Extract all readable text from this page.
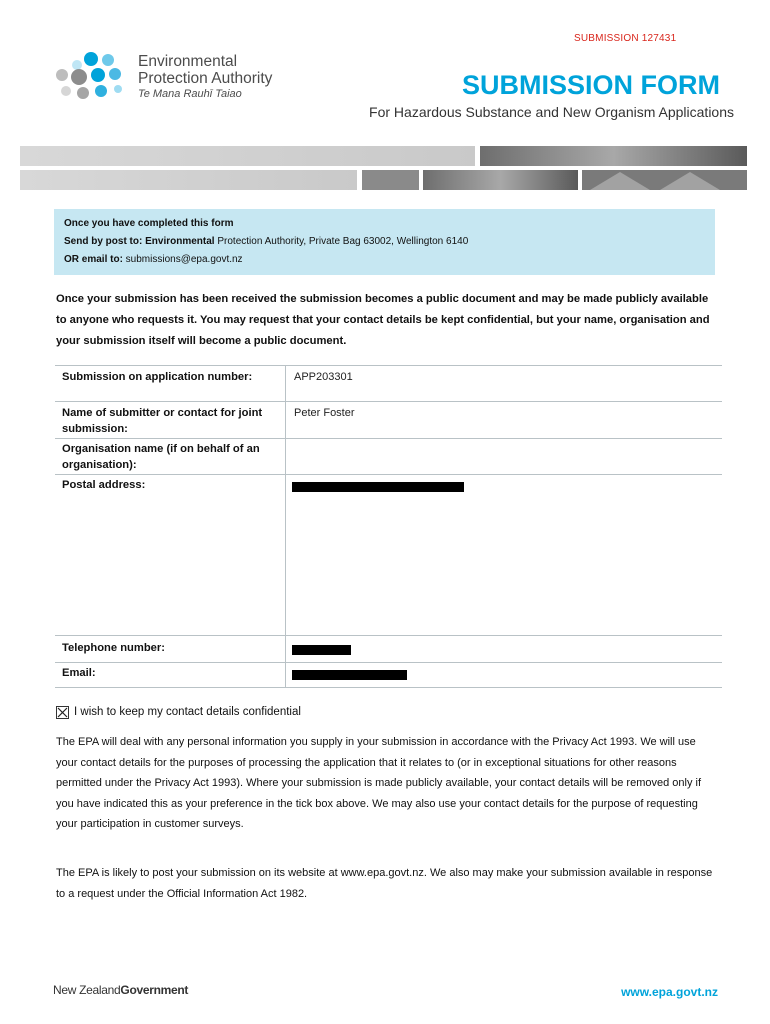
SUBMISSION 127431
Environmental
Protection Authority
Te Mana Rauhī Taiao	SUBMISSION FORM
For Hazardous Substance and New Organism Applications
Once you have completed this form
Send by post to: Environmental Protection Authority, Private Bag 63002, Wellington 6140
OR email to: submissions@epa.govt.nz
Once your submission has been received the submission becomes a public document and may be made publicly available to anyone who requests it. You may request that your contact details be kept confidential, but your name, organisation and your submission itself will become a public document.
Submission on application number:	APP203301
Name of submitter or contact for joint submission:
Peter Foster
Organisation name (if on behalf of an organisation):
Postal address:
Telephone number:
Email:
I wish to keep my contact details confidential
The EPA will deal with any personal information you supply in your submission in accordance with the Privacy Act 1993. We will use your contact details for the purposes of processing the application that it relates to (or in exceptional situations for other reasons permitted under the Privacy Act 1993). Where your submission is made publicly available, your contact details will be removed only if you have indicated this as your preference in the tick box above. We may also use your contact details for the purpose of requesting your participation in customer surveys.
The EPA is likely to post your submission on its website at www.epa.govt.nz. We also may make your submission available in response to a request under the Official Information Act 1982.
New ZealandGovernment	www.epa.govt.nz
